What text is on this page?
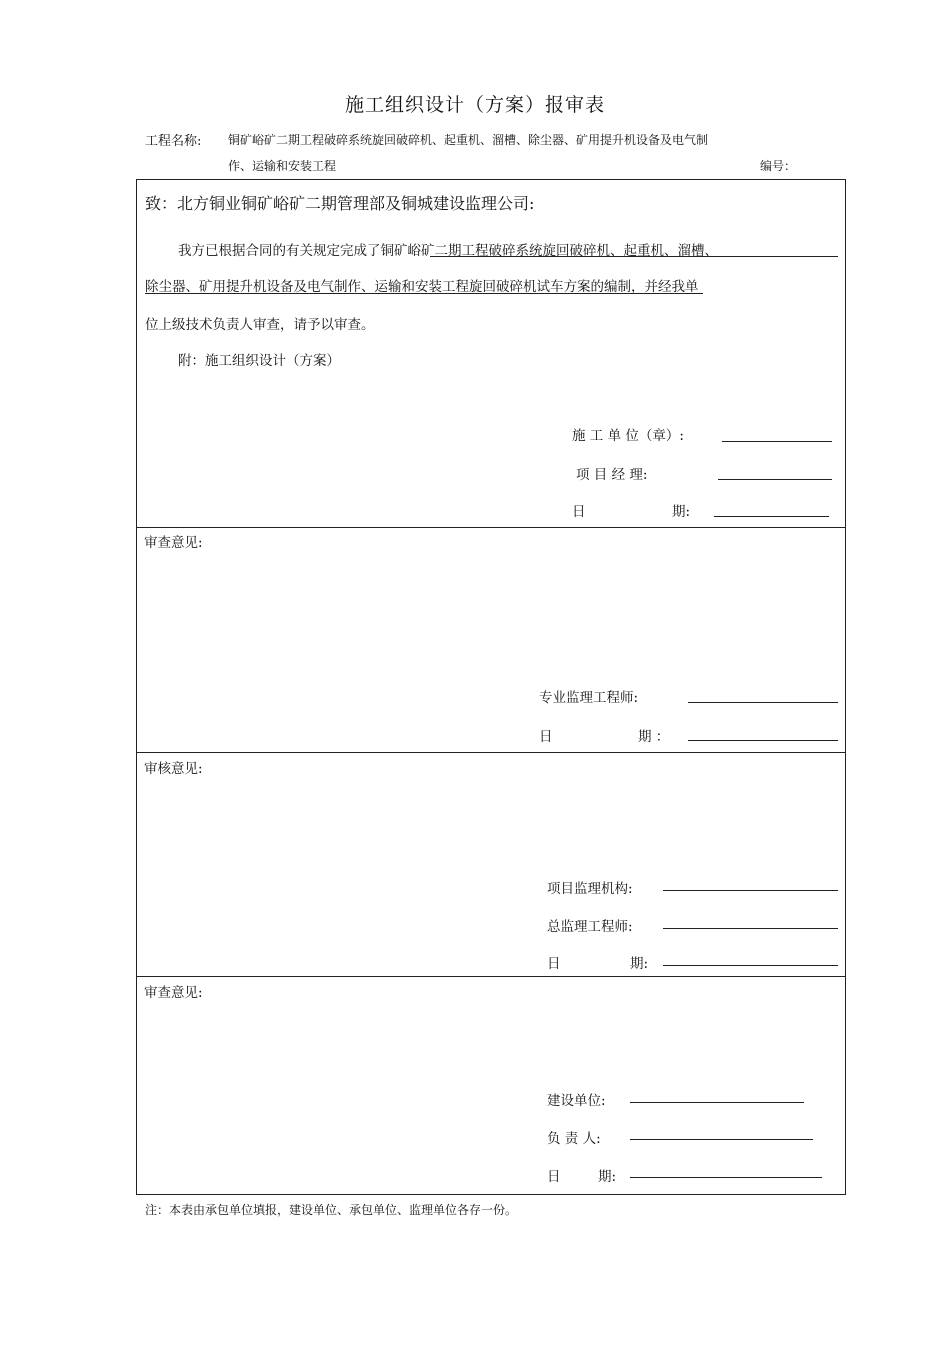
施工组织设计（方案）报审表
工程名称: 铜矿峪矿二期工程破碎系统旋回破碎机、起重机、溜槽、除尘器、矿用提升机设备及电气制
作、运输和安装工程	编号：
致：北方铜业铜矿峪矿二期管理部及铜城建设监理公司:
我方已根据合同的有关规定完成了铜矿峪矿二期工程破碎系统旋回破碎机、起重机、溜槽、
除尘器、矿用提升机设备及电气制作、运输和安装工程旋回破碎机试车方案的编制，并经我单
位上级技术负责人审查，请予以审查。
附：施工组织设计（方案）
施 工 单 位（章）:
项 目 经 理:
日	期:
审查意见:
专业监理工程师:
日	期 ：
审核意见:
项目监理机构:
总监理工程师:
日	期:
审查意见:
建设单位:
负 责 人:
日	期:
注：本表由承包单位填报，建设单位、承包单位、监理单位各存一份。
